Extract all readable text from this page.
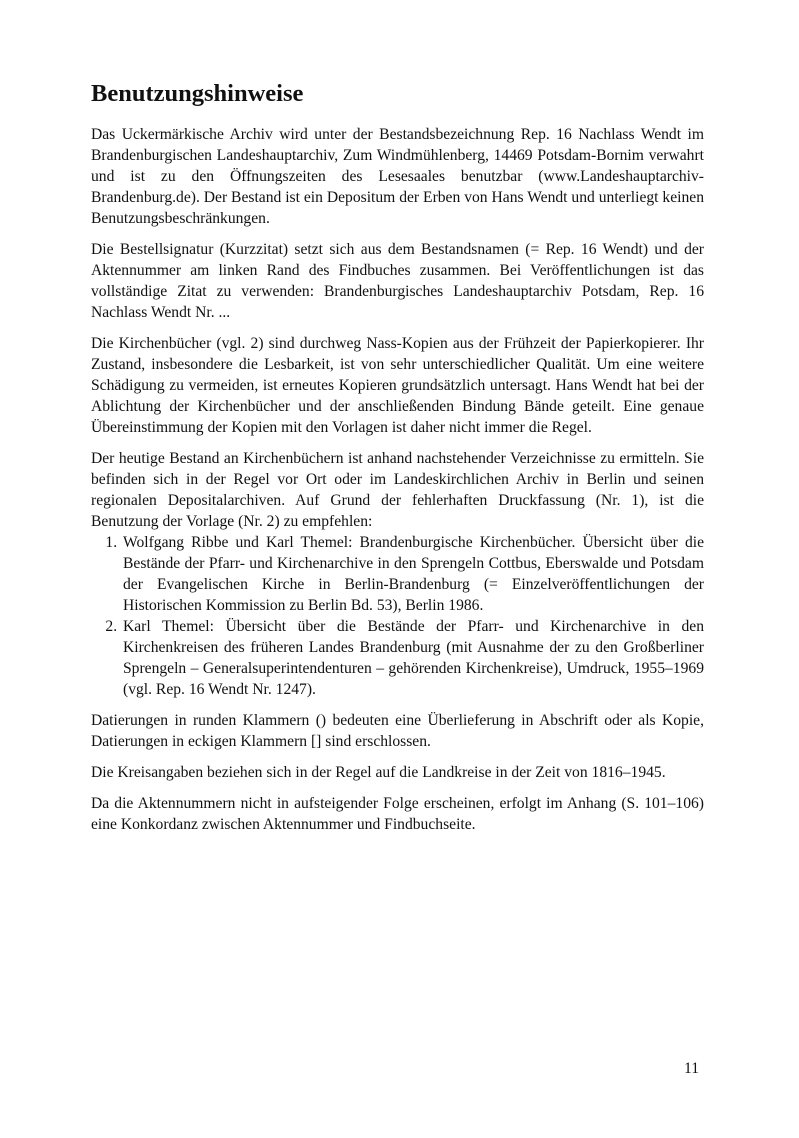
Benutzungshinweise

Das Uckermärkische Archiv wird unter der Bestandsbezeichnung Rep. 16 Nachlass Wendt im Brandenburgischen Landeshauptarchiv, Zum Windmühlenberg, 14469 Potsdam-Bornim verwahrt und ist zu den Öffnungszeiten des Lesesaales benutzbar (www.Landeshauptarchiv-Brandenburg.de). Der Bestand ist ein Depositum der Erben von Hans Wendt und unterliegt keinen Benutzungsbeschränkungen.

Die Bestellsignatur (Kurzzitat) setzt sich aus dem Bestandsnamen (= Rep. 16 Wendt) und der Aktennummer am linken Rand des Findbuches zusammen. Bei Veröffentlichungen ist das vollständige Zitat zu verwenden: Brandenburgisches Landeshauptarchiv Potsdam, Rep. 16 Nachlass Wendt Nr. ...

Die Kirchenbücher (vgl. 2) sind durchweg Nass-Kopien aus der Frühzeit der Papierkopierer. Ihr Zustand, insbesondere die Lesbarkeit, ist von sehr unterschiedlicher Qualität. Um eine weitere Schädigung zu vermeiden, ist erneutes Kopieren grundsätzlich untersagt. Hans Wendt hat bei der Ablichtung der Kirchenbücher und der anschließenden Bindung Bände geteilt. Eine genaue Übereinstimmung der Kopien mit den Vorlagen ist daher nicht immer die Regel.

Der heutige Bestand an Kirchenbüchern ist anhand nachstehender Verzeichnisse zu ermitteln. Sie befinden sich in der Regel vor Ort oder im Landeskirchlichen Archiv in Berlin und seinen regionalen Depositalarchiven. Auf Grund der fehlerhaften Druckfassung (Nr. 1), ist die Benutzung der Vorlage (Nr. 2) zu empfehlen:

1. Wolfgang Ribbe und Karl Themel: Brandenburgische Kirchenbücher. Übersicht über die Bestände der Pfarr- und Kirchenarchive in den Sprengeln Cottbus, Eberswalde und Potsdam der Evangelischen Kirche in Berlin-Brandenburg (= Einzelveröffentlichungen der Historischen Kommission zu Berlin Bd. 53), Berlin 1986.
2. Karl Themel: Übersicht über die Bestände der Pfarr- und Kirchenarchive in den Kirchenkreisen des früheren Landes Brandenburg (mit Ausnahme der zu den Großberliner Sprengeln – Generalsuperintendenturen – gehörenden Kirchenkreise), Umdruck, 1955–1969 (vgl. Rep. 16 Wendt Nr. 1247).

Datierungen in runden Klammern () bedeuten eine Überlieferung in Abschrift oder als Kopie, Datierungen in eckigen Klammern [] sind erschlossen.

Die Kreisangaben beziehen sich in der Regel auf die Landkreise in der Zeit von 1816–1945.

Da die Aktennummern nicht in aufsteigender Folge erscheinen, erfolgt im Anhang (S. 101–106) eine Konkordanz zwischen Aktennummer und Findbuchseite.

11
